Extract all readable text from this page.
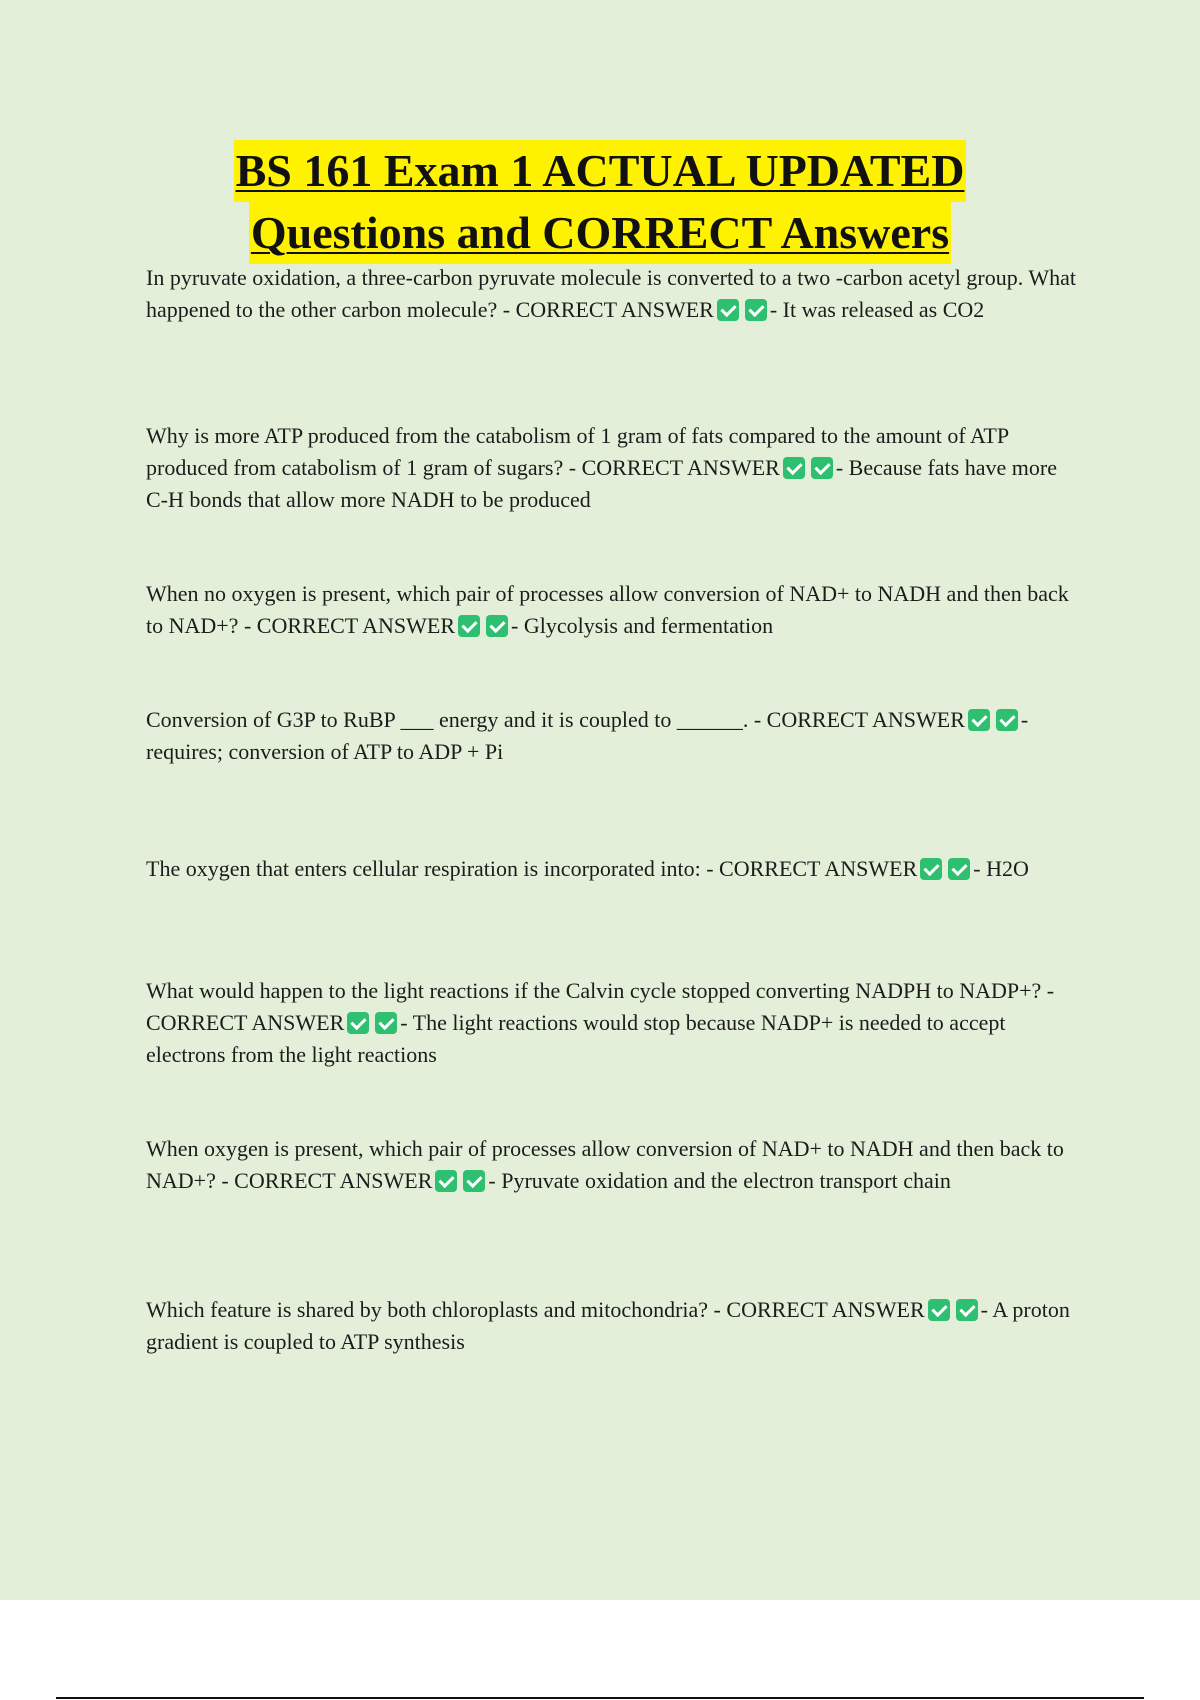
BS 161 Exam 1 ACTUAL UPDATED
Questions and CORRECT Answers

In pyruvate oxidation, a three-carbon pyruvate molecule is converted to a two -carbon acetyl group. What happened to the other carbon molecule? - CORRECT ANSWER	- It was released as CO2

Why is more ATP produced from the catabolism of 1 gram of fats compared to the amount of ATP produced from catabolism of 1 gram of sugars? - CORRECT ANSWER	- Because fats have more C-H bonds that allow more NADH to be produced

When no oxygen is present, which pair of processes allow conversion of NAD+ to NADH and then back to NAD+? - CORRECT ANSWER	- Glycolysis and fermentation

Conversion of G3P to RuBP ___ energy and it is coupled to ______. - CORRECT ANSWER	- requires; conversion of ATP to ADP + Pi

The oxygen that enters cellular respiration is incorporated into: - CORRECT ANSWER	- H2O

What would happen to the light reactions if the Calvin cycle stopped converting NADPH to NADP+? - CORRECT ANSWER	- The light reactions would stop because NADP+ is needed to accept electrons from the light reactions

When oxygen is present, which pair of processes allow conversion of NAD+ to NADH and then back to NAD+? - CORRECT ANSWER	- Pyruvate oxidation and the electron transport chain

Which feature is shared by both chloroplasts and mitochondria? - CORRECT ANSWER	- A proton gradient is coupled to ATP synthesis
